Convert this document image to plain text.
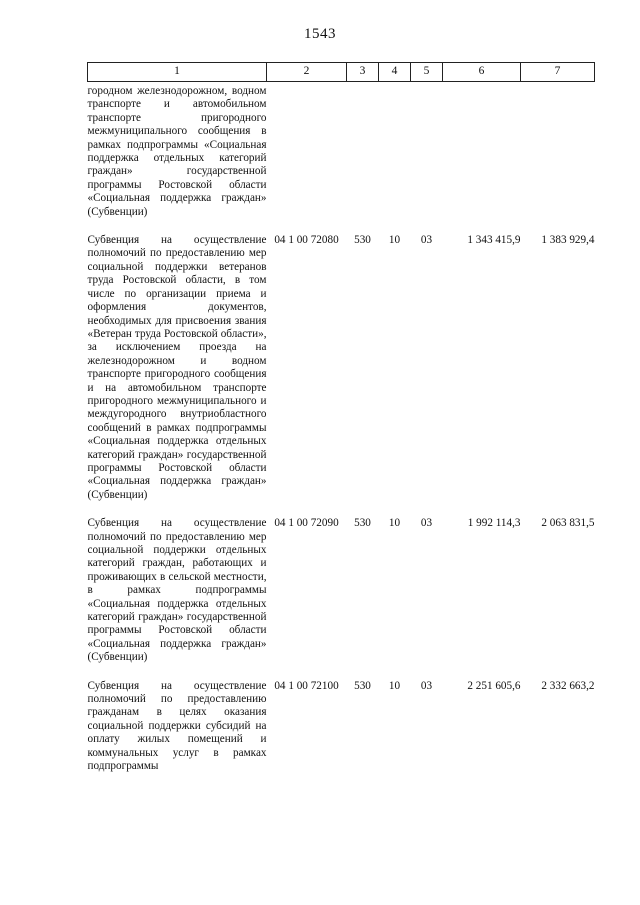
1543
1	2	3	4	5	6	7
городном железнодорожном, водном транспорте и автомобильном транспорте пригородного межмуниципального сообщения в рамках подпрограммы «Социальная поддержка отдельных категорий граждан» государственной программы Ростовской области «Социальная поддержка граждан» (Субвенции)						
Субвенция на осуществление полномочий по предоставлению мер социальной поддержки ветеранов труда Ростовской области, в том числе по организации приема и оформления документов, необходимых для присвоения звания «Ветеран труда Ростовской области», за исключением проезда на железнодорожном и водном транспорте пригородного сообщения и на автомобильном транспорте пригородного межмуниципального и междугородного внутриобластного сообщений в рамках подпрограммы «Социальная поддержка отдельных категорий граждан» государственной программы Ростовской области «Социальная поддержка граждан» (Субвенции)	04 1 00 72080	530	10	03	1 343 415,9	1 383 929,4
Субвенция на осуществление полномочий по предоставлению мер социальной поддержки отдельных категорий граждан, работающих и проживающих в сельской местности, в рамках подпрограммы «Социальная поддержка отдельных категорий граждан» государственной программы Ростовской области «Социальная поддержка граждан» (Субвенции)	04 1 00 72090	530	10	03	1 992 114,3	2 063 831,5
Субвенция на осуществление полномочий по предоставлению гражданам в целях оказания социальной поддержки субсидий на оплату жилых помещений и коммунальных услуг в рамках подпрограммы	04 1 00 72100	530	10	03	2 251 605,6	2 332 663,2
